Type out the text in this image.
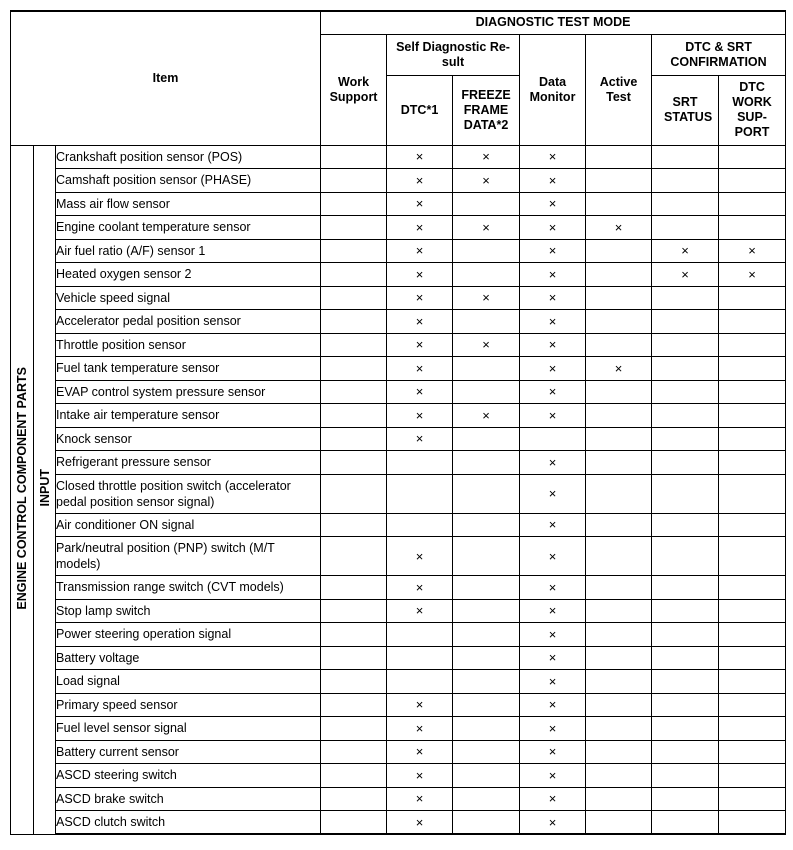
Item			DIAGNOSTIC TEST MODE						
			Work Support	Self Diagnostic Re-sult		Data Monitor	Active Test	DTC & SRT CONFIRMATION	
				DTC*1	FREEZE FRAME DATA*2			SRT STATUS	DTC WORK SUP-PORT
ENGINE CONTROL COMPONENT PARTS	INPUT	Crankshaft position sensor (POS)		×	×	×			
		Camshaft position sensor (PHASE)		×	×	×			
		Mass air flow sensor		×		×			
		Engine coolant temperature sensor		×	×	×	×		
		Air fuel ratio (A/F) sensor 1		×		×		×	×
		Heated oxygen sensor 2		×		×		×	×
		Vehicle speed signal		×	×	×			
		Accelerator pedal position sensor		×		×			
		Throttle position sensor		×	×	×			
		Fuel tank temperature sensor		×		×	×		
		EVAP control system pressure sensor		×		×			
		Intake air temperature sensor		×	×	×			
		Knock sensor		×					
		Refrigerant pressure sensor				×			
		Closed throttle position switch (accelerator pedal position sensor signal)				×			
		Air conditioner ON signal				×			
		Park/neutral position (PNP) switch (M/T models)		×		×			
		Transmission range switch (CVT models)		×		×			
		Stop lamp switch		×		×			
		Power steering operation signal				×			
		Battery voltage				×			
		Load signal				×			
		Primary speed sensor		×		×			
		Fuel level sensor signal		×		×			
		Battery current sensor		×		×			
		ASCD steering switch		×		×			
		ASCD brake switch		×		×			
		ASCD clutch switch		×		×			
